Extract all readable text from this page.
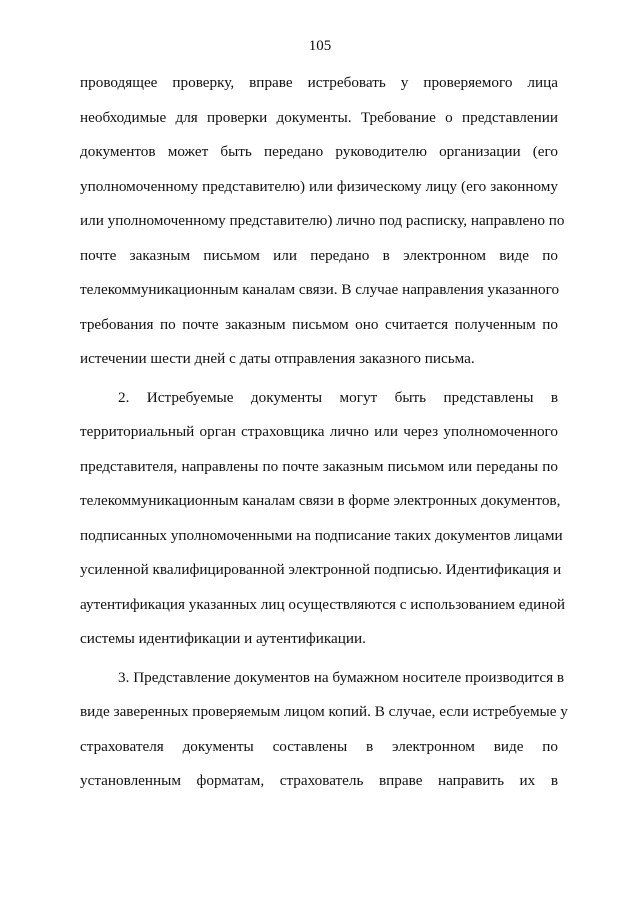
105
проводящее проверку, вправе истребовать у проверяемого лица
необходимые для проверки документы. Требование о представлении
документов может быть передано руководителю организации (его
уполномоченному представителю) или физическому лицу (его законному
или уполномоченному представителю) лично под расписку, направлено по
почте заказным письмом или передано в электронном виде по
телекоммуникационным каналам связи. В случае направления указанного
требования по почте заказным письмом оно считается полученным по
истечении шести дней с даты отправления заказного письма.
2. Истребуемые документы могут быть представлены в
территориальный орган страховщика лично или через уполномоченного
представителя, направлены по почте заказным письмом или переданы по
телекоммуникационным каналам связи в форме электронных документов,
подписанных уполномоченными на подписание таких документов лицами
усиленной квалифицированной электронной подписью. Идентификация и
аутентификация указанных лиц осуществляются с использованием единой
системы идентификации и аутентификации.
3. Представление документов на бумажном носителе производится в
виде заверенных проверяемым лицом копий. В случае, если истребуемые у
страхователя документы составлены в электронном виде по
установленным форматам, страхователь вправе направить их в
